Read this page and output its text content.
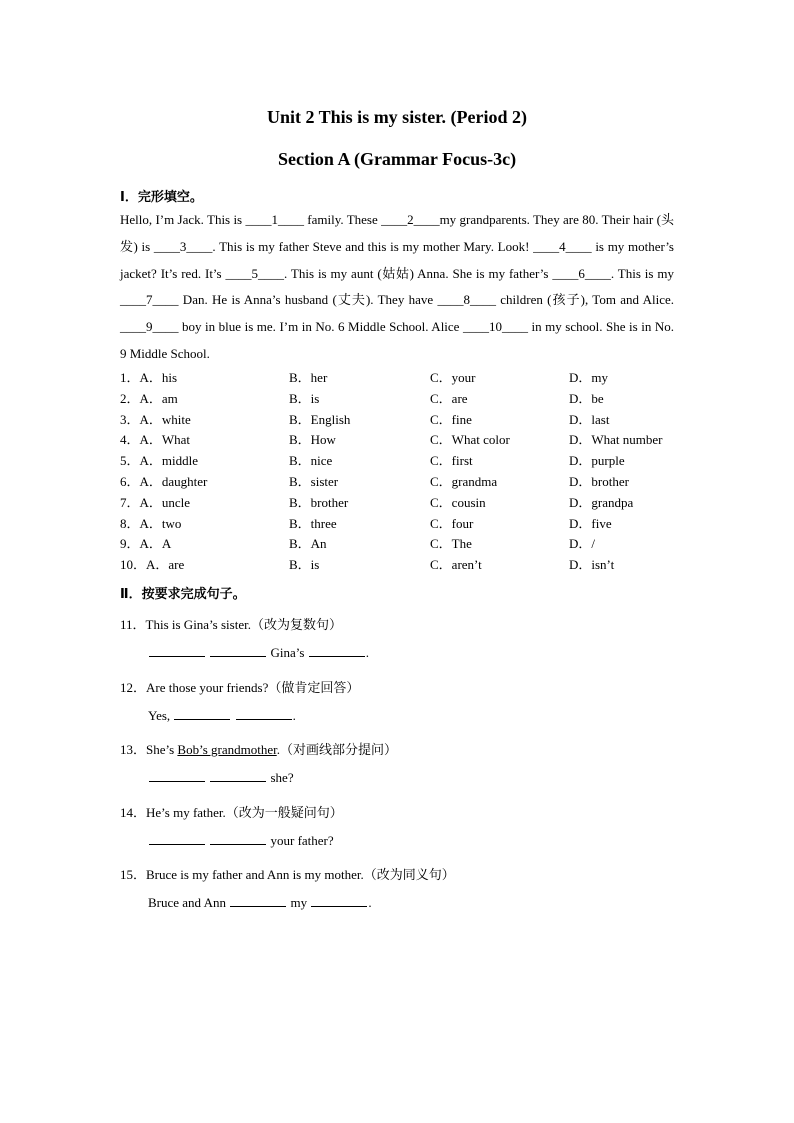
Unit 2 This is my sister. (Period 2)
Section A (Grammar Focus-3c)
Ⅰ．完形填空。

Hello, I’m Jack. This is ____1____ family. These ____2____my grandparents. They are 80. Their hair (头发) is ____3____. This is my father Steve and this is my mother Mary. Look! ____4____ is my mother’s jacket? It’s red. It’s ____5____. This is my aunt (姑姑) Anna. She is my father’s ____6____. This is my ____7____ Dan. He is Anna’s husband (丈夫). They have ____8____ children (孩子), Tom and Alice. ____9____ boy in blue is me. I’m in No. 6 Middle School. Alice ____10____ in my school. She is in No. 9 Middle School.

1．A．his	B．her	C．your	D．my
2．A．am	B．is	C．are	D．be
3．A．white	B．English	C．fine	D．last
4．A．What	B．How	C．What color	D．What number
5．A．middle	B．nice	C．first	D．purple
6．A．daughter	B．sister	C．grandma	D．brother
7．A．uncle	B．brother	C．cousin	D．grandpa
8．A．two	B．three	C．four	D．five
9．A．A	B．An	C．The	D．/
10．A．are	B．is	C．aren’t	D．isn’t
Ⅱ．按要求完成句子。
11．This is Gina’s sister.（改为复数句）
Gina’s	.
12．Are those your friends?（做肯定回答）
Yes,	.
13．She’s Bob’s grandmother.（对画线部分提问）
she?
14．He’s my father.（改为一般疑问句）
your father?
15．Bruce is my father and Ann is my mother.（改为同义句）
Bruce and Ann	my	.
